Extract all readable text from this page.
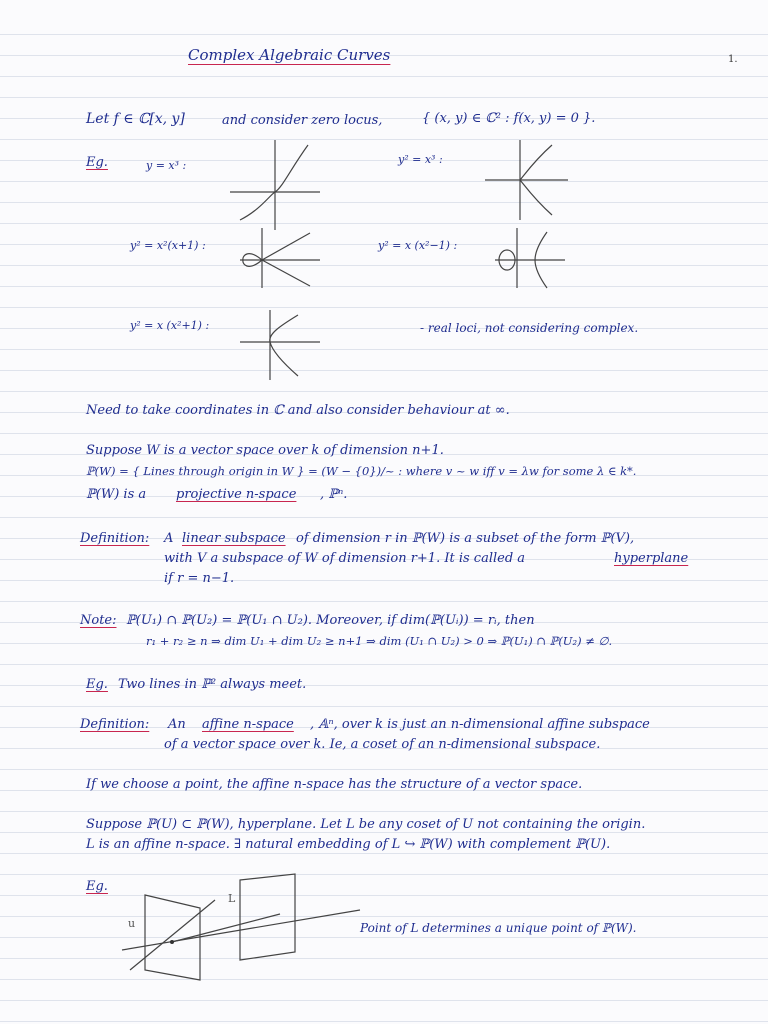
Complex Algebraic Curves	1.
Let f ∈ ℂ[x, y]	and consider zero locus,	{ (x, y) ∈ ℂ² : f(x, y) = 0 }.
Eg.	y = x³ :	y² = x³ :
y² = x²(x+1) :	y² = x (x²−1) :
y² = x (x²+1) :	- real loci, not considering complex.
Need to take coordinates in ℂ and also consider behaviour at ∞.
Suppose W is a vector space over k of dimension n+1.
ℙ(W) = { Lines through origin in W } = (W − {0})/~ : where v ~ w iff v = λw for some λ ∈ k*.
ℙ(W) is a projective n-space , ℙⁿ.
Definition: A linear subspace of dimension r in ℙ(W) is a subset of the form ℙ(V),
with V a subspace of W of dimension r+1. It is called a	hyperplane
if r = n−1.
Note: ℙ(U₁) ∩ ℙ(U₂) = ℙ(U₁ ∩ U₂). Moreover, if dim(ℙ(Uᵢ)) = rᵢ, then
r₁ + r₂ ≥ n ⇒ dim U₁ + dim U₂ ≥ n+1 ⇒ dim (U₁ ∩ U₂) > 0 ⇒ ℙ(U₁) ∩ ℙ(U₂) ≠ ∅.
Eg. Two lines in ℙ² always meet.
Definition: An affine n-space , 𝔸ⁿ, over k is just an n-dimensional affine subspace
of a vector space over k. Ie, a coset of an n-dimensional subspace.
If we choose a point, the affine n-space has the structure of a vector space.
Suppose ℙ(U) ⊂ ℙ(W), hyperplane. Let L be any coset of U not containing the origin.
L is an affine n-space. ∃ natural embedding of L ↪ ℙ(W) with complement ℙ(U).
Eg.
u
L
Point of L determines a unique point of ℙ(W).
